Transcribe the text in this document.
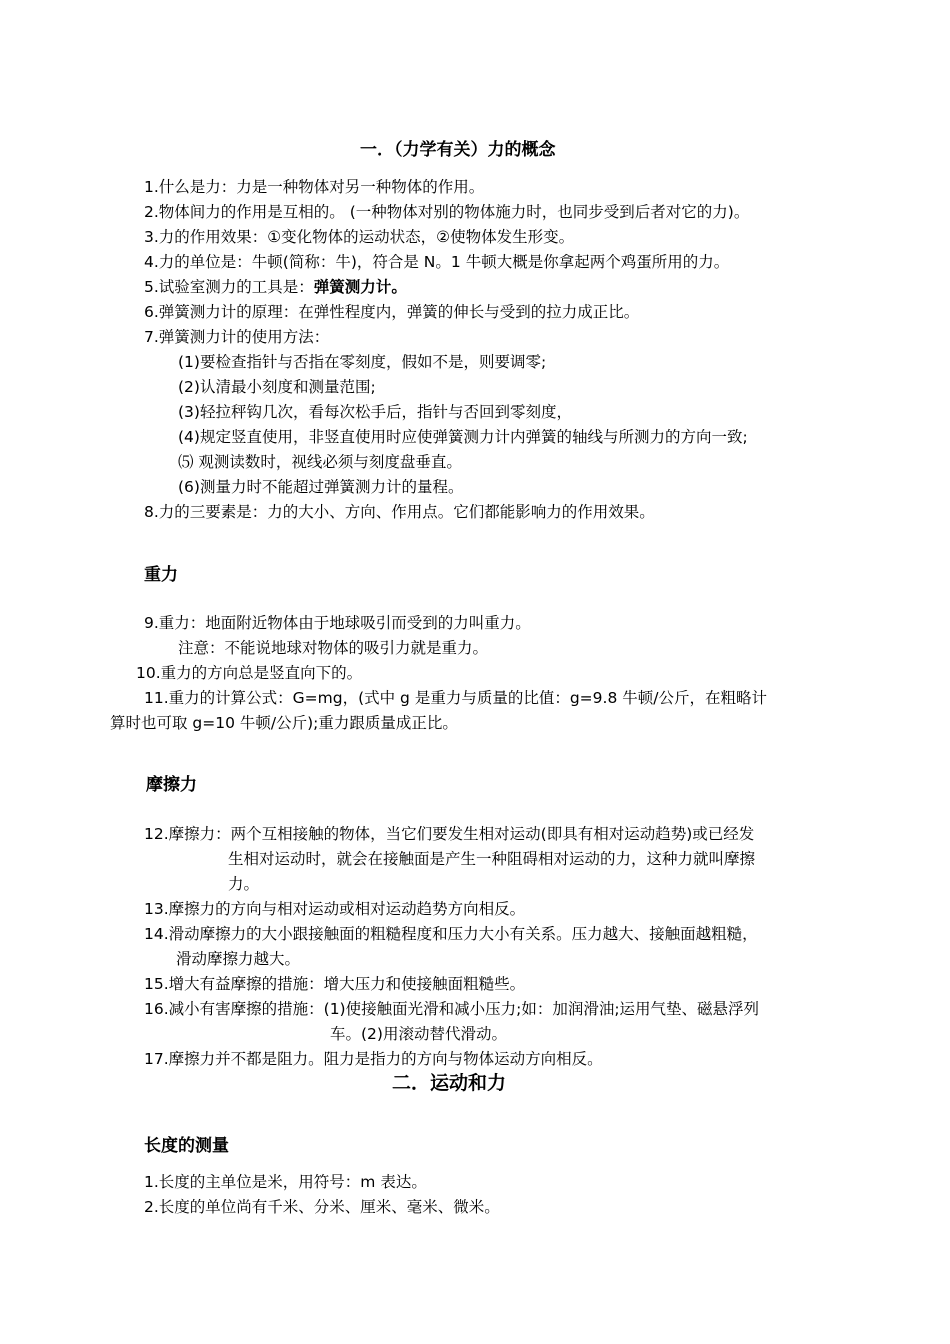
一．（力学有关）力的概念
1.什么是力：力是一种物体对另一种物体的作用。
2.物体间力的作用是互相的。 (一种物体对别的物体施力时，也同步受到后者对它的力)。
3.力的作用效果：①变化物体的运动状态，②使物体发生形变。
4.力的单位是：牛顿(简称：牛)，符合是 N。1 牛顿大概是你拿起两个鸡蛋所用的力。
5.试验室测力的工具是：弹簧测力计。
6.弹簧测力计的原理：在弹性程度内，弹簧的伸长与受到的拉力成正比。
7.弹簧测力计的使用方法：
(1)要检查指针与否指在零刻度，假如不是，则要调零;
(2)认清最小刻度和测量范围;
(3)轻拉秤钩几次，看每次松手后，指针与否回到零刻度，
(4)规定竖直使用，非竖直使用时应使弹簧测力计内弹簧的轴线与所测力的方向一致;
⑸ 观测读数时，视线必须与刻度盘垂直。
(6)测量力时不能超过弹簧测力计的量程。
8.力的三要素是：力的大小、方向、作用点。它们都能影响力的作用效果。
重力
9.重力：地面附近物体由于地球吸引而受到的力叫重力。
注意：不能说地球对物体的吸引力就是重力。
10.重力的方向总是竖直向下的。
11.重力的计算公式：G=mg，(式中 g 是重力与质量的比值：g=9.8 牛顿/公斤，在粗略计
算时也可取 g=10 牛顿/公斤);重力跟质量成正比。
摩擦力
12.摩擦力：两个互相接触的物体，当它们要发生相对运动(即具有相对运动趋势)或已经发
生相对运动时，就会在接触面是产生一种阻碍相对运动的力，这种力就叫摩擦
力。
13.摩擦力的方向与相对运动或相对运动趋势方向相反。
14.滑动摩擦力的大小跟接触面的粗糙程度和压力大小有关系。压力越大、接触面越粗糙，
滑动摩擦力越大。
15.增大有益摩擦的措施：增大压力和使接触面粗糙些。
16.减小有害摩擦的措施：(1)使接触面光滑和减小压力;如：加润滑油;运用气垫、磁悬浮列
车。(2)用滚动替代滑动。
17.摩擦力并不都是阻力。阻力是指力的方向与物体运动方向相反。
二．运动和力
长度的测量
1.长度的主单位是米，用符号：m 表达。
2.长度的单位尚有千米、分米、厘米、毫米、微米。
